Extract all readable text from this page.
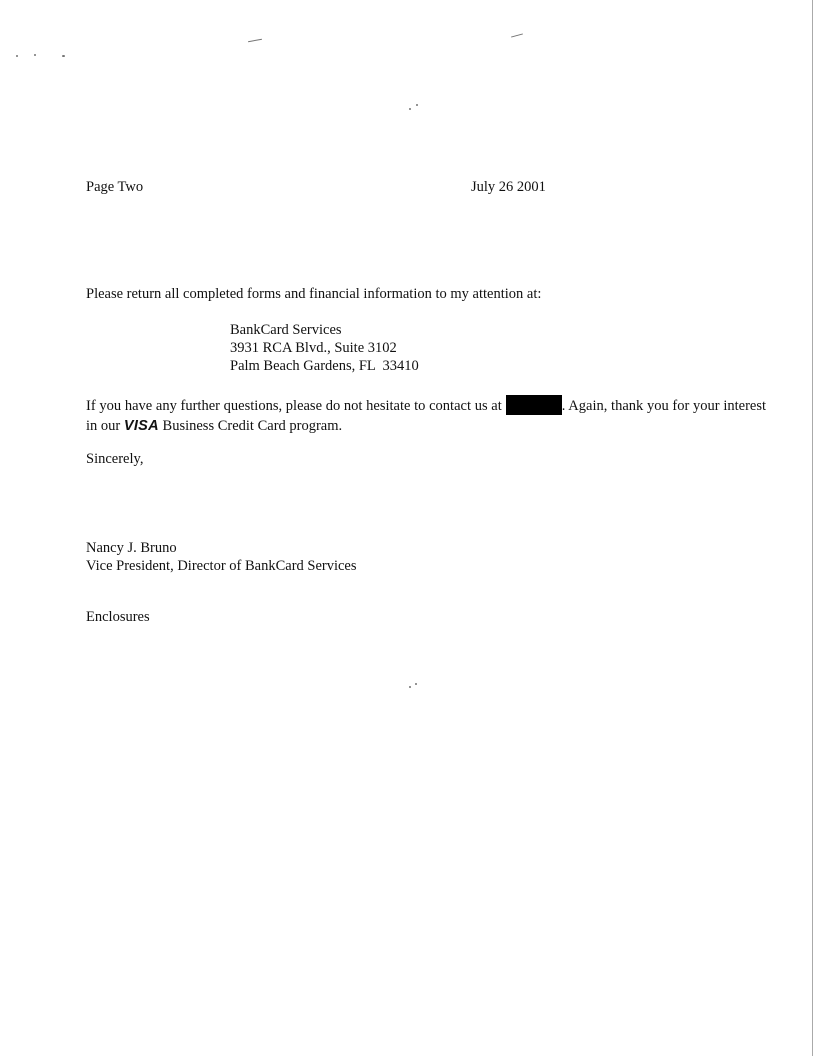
Page Two	July 26 2001
Please return all completed forms and financial information to my attention at:
BankCard Services
3931 RCA Blvd., Suite 3102
Palm Beach Gardens, FL  33410
If you have any further questions, please do not hesitate to contact us at	. Again, thank you for your interest in our VISA Business Credit Card program.
Sincerely,
Nancy J. Bruno
Vice President, Director of BankCard Services
Enclosures
